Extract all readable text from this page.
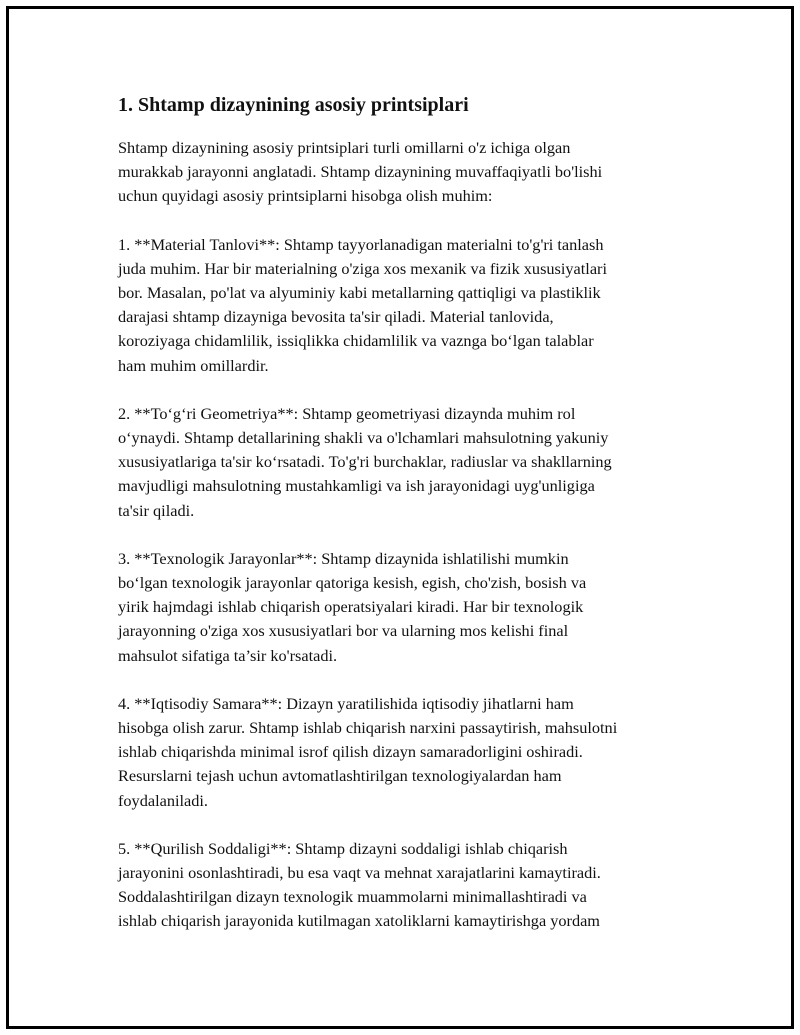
1. Shtamp dizaynining asosiy printsiplari
Shtamp dizaynining asosiy printsiplari turli omillarni o'z ichiga olgan
murakkab jarayonni anglatadi. Shtamp dizaynining muvaffaqiyatli bo'lishi
uchun quyidagi asosiy printsiplarni hisobga olish muhim:
1. **Material Tanlovi**: Shtamp tayyorlanadigan materialni to'g'ri tanlash
juda muhim. Har bir materialning o'ziga xos mexanik va fizik xususiyatlari
bor. Masalan, po'lat va alyuminiy kabi metallarning qattiqligi va plastiklik
darajasi shtamp dizayniga bevosita ta'sir qiladi. Material tanlovida,
koroziyaga chidamlilik, issiqlikka chidamlilik va vaznga bo‘lgan talablar
ham muhim omillardir.
2. **To‘g‘ri Geometriya**: Shtamp geometriyasi dizaynda muhim rol
o‘ynaydi. Shtamp detallarining shakli va o'lchamlari mahsulotning yakuniy
xususiyatlariga ta'sir ko‘rsatadi. To'g'ri burchaklar, radiuslar va shakllarning
mavjudligi mahsulotning mustahkamligi va ish jarayonidagi uyg'unligiga
ta'sir qiladi.
3. **Texnologik Jarayonlar**: Shtamp dizaynida ishlatilishi mumkin
bo‘lgan texnologik jarayonlar qatoriga kesish, egish, cho'zish, bosish va
yirik hajmdagi ishlab chiqarish operatsiyalari kiradi. Har bir texnologik
jarayonning o'ziga xos xususiyatlari bor va ularning mos kelishi final
mahsulot sifatiga ta’sir ko'rsatadi.
4. **Iqtisodiy Samara**: Dizayn yaratilishida iqtisodiy jihatlarni ham
hisobga olish zarur. Shtamp ishlab chiqarish narxini passaytirish, mahsulotni
ishlab chiqarishda minimal isrof qilish dizayn samaradorligini oshiradi.
Resurslarni tejash uchun avtomatlashtirilgan texnologiyalardan ham
foydalaniladi.
5. **Qurilish Soddaligi**: Shtamp dizayni soddaligi ishlab chiqarish
jarayonini osonlashtiradi, bu esa vaqt va mehnat xarajatlarini kamaytiradi.
Soddalashtirilgan dizayn texnologik muammolarni minimallashtiradi va
ishlab chiqarish jarayonida kutilmagan xatoliklarni kamaytirishga yordam
